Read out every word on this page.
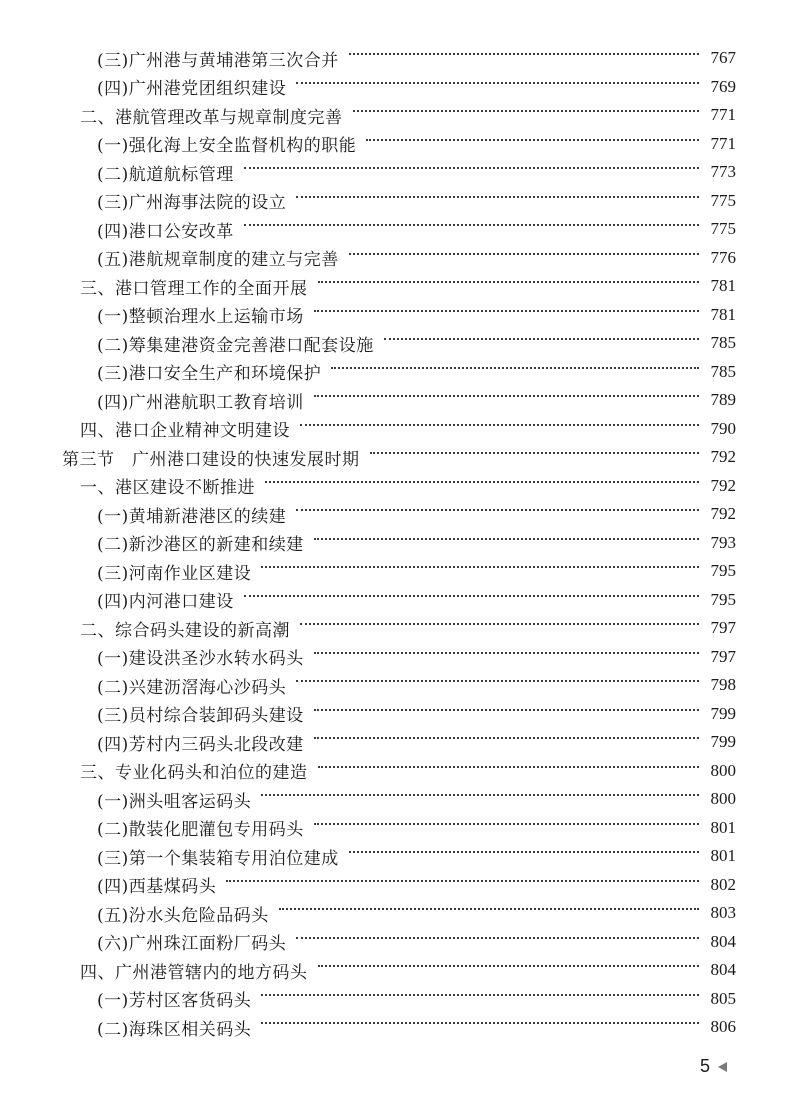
(三)广州港与黄埔港第三次合并	767
(四)广州港党团组织建设	769
二、港航管理改革与规章制度完善	771
(一)强化海上安全监督机构的职能	771
(二)航道航标管理	773
(三)广州海事法院的设立	775
(四)港口公安改革	775
(五)港航规章制度的建立与完善	776
三、港口管理工作的全面开展	781
(一)整顿治理水上运输市场	781
(二)筹集建港资金完善港口配套设施	785
(三)港口安全生产和环境保护	785
(四)广州港航职工教育培训	789
四、港口企业精神文明建设	790
第三节　广州港口建设的快速发展时期	792
一、港区建设不断推进	792
(一)黄埔新港港区的续建	792
(二)新沙港区的新建和续建	793
(三)河南作业区建设	795
(四)内河港口建设	795
二、综合码头建设的新高潮	797
(一)建设洪圣沙水转水码头	797
(二)兴建沥滘海心沙码头	798
(三)员村综合装卸码头建设	799
(四)芳村内三码头北段改建	799
三、专业化码头和泊位的建造	800
(一)洲头咀客运码头	800
(二)散装化肥灌包专用码头	801
(三)第一个集装箱专用泊位建成	801
(四)西基煤码头	802
(五)汾水头危险品码头	803
(六)广州珠江面粉厂码头	804
四、广州港管辖内的地方码头	804
(一)芳村区客货码头	805
(二)海珠区相关码头	806
5
